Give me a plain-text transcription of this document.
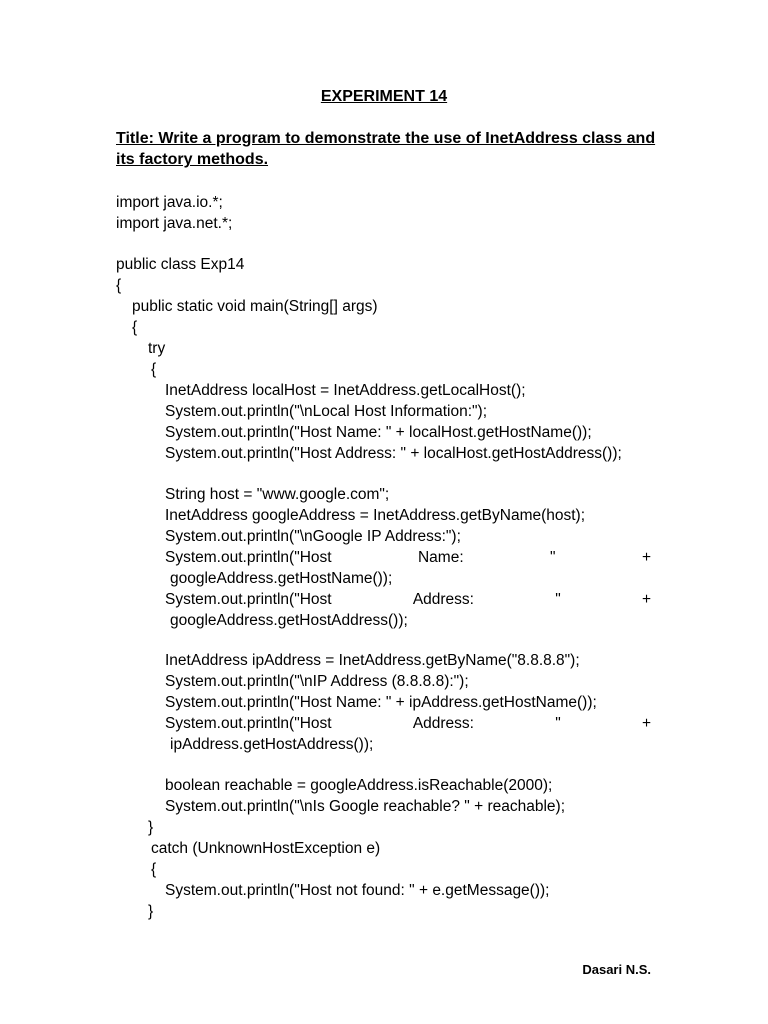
EXPERIMENT 14
Title: Write a program to demonstrate the use of InetAddress class and its factory methods.
import java.io.*;
import java.net.*;
public class Exp14
{
public static void main(String[] args)
{
try
{
InetAddress localHost = InetAddress.getLocalHost();
System.out.println("\nLocal Host Information:");
System.out.println("Host Name: " + localHost.getHostName());
System.out.println("Host Address: " + localHost.getHostAddress());
String host = "www.google.com";
InetAddress googleAddress = InetAddress.getByName(host);
System.out.println("\nGoogle IP Address:");
System.out.println("Host	Name:	"	+
googleAddress.getHostName());
System.out.println("Host	Address:	"	+
googleAddress.getHostAddress());
InetAddress ipAddress = InetAddress.getByName("8.8.8.8");
System.out.println("\nIP Address (8.8.8.8):");
System.out.println("Host Name: " + ipAddress.getHostName());
System.out.println("Host	Address:	"	+
ipAddress.getHostAddress());
boolean reachable = googleAddress.isReachable(2000);
System.out.println("\nIs Google reachable? " + reachable);
}
catch (UnknownHostException e)
{
System.out.println("Host not found: " + e.getMessage());
}
Dasari N.S.
